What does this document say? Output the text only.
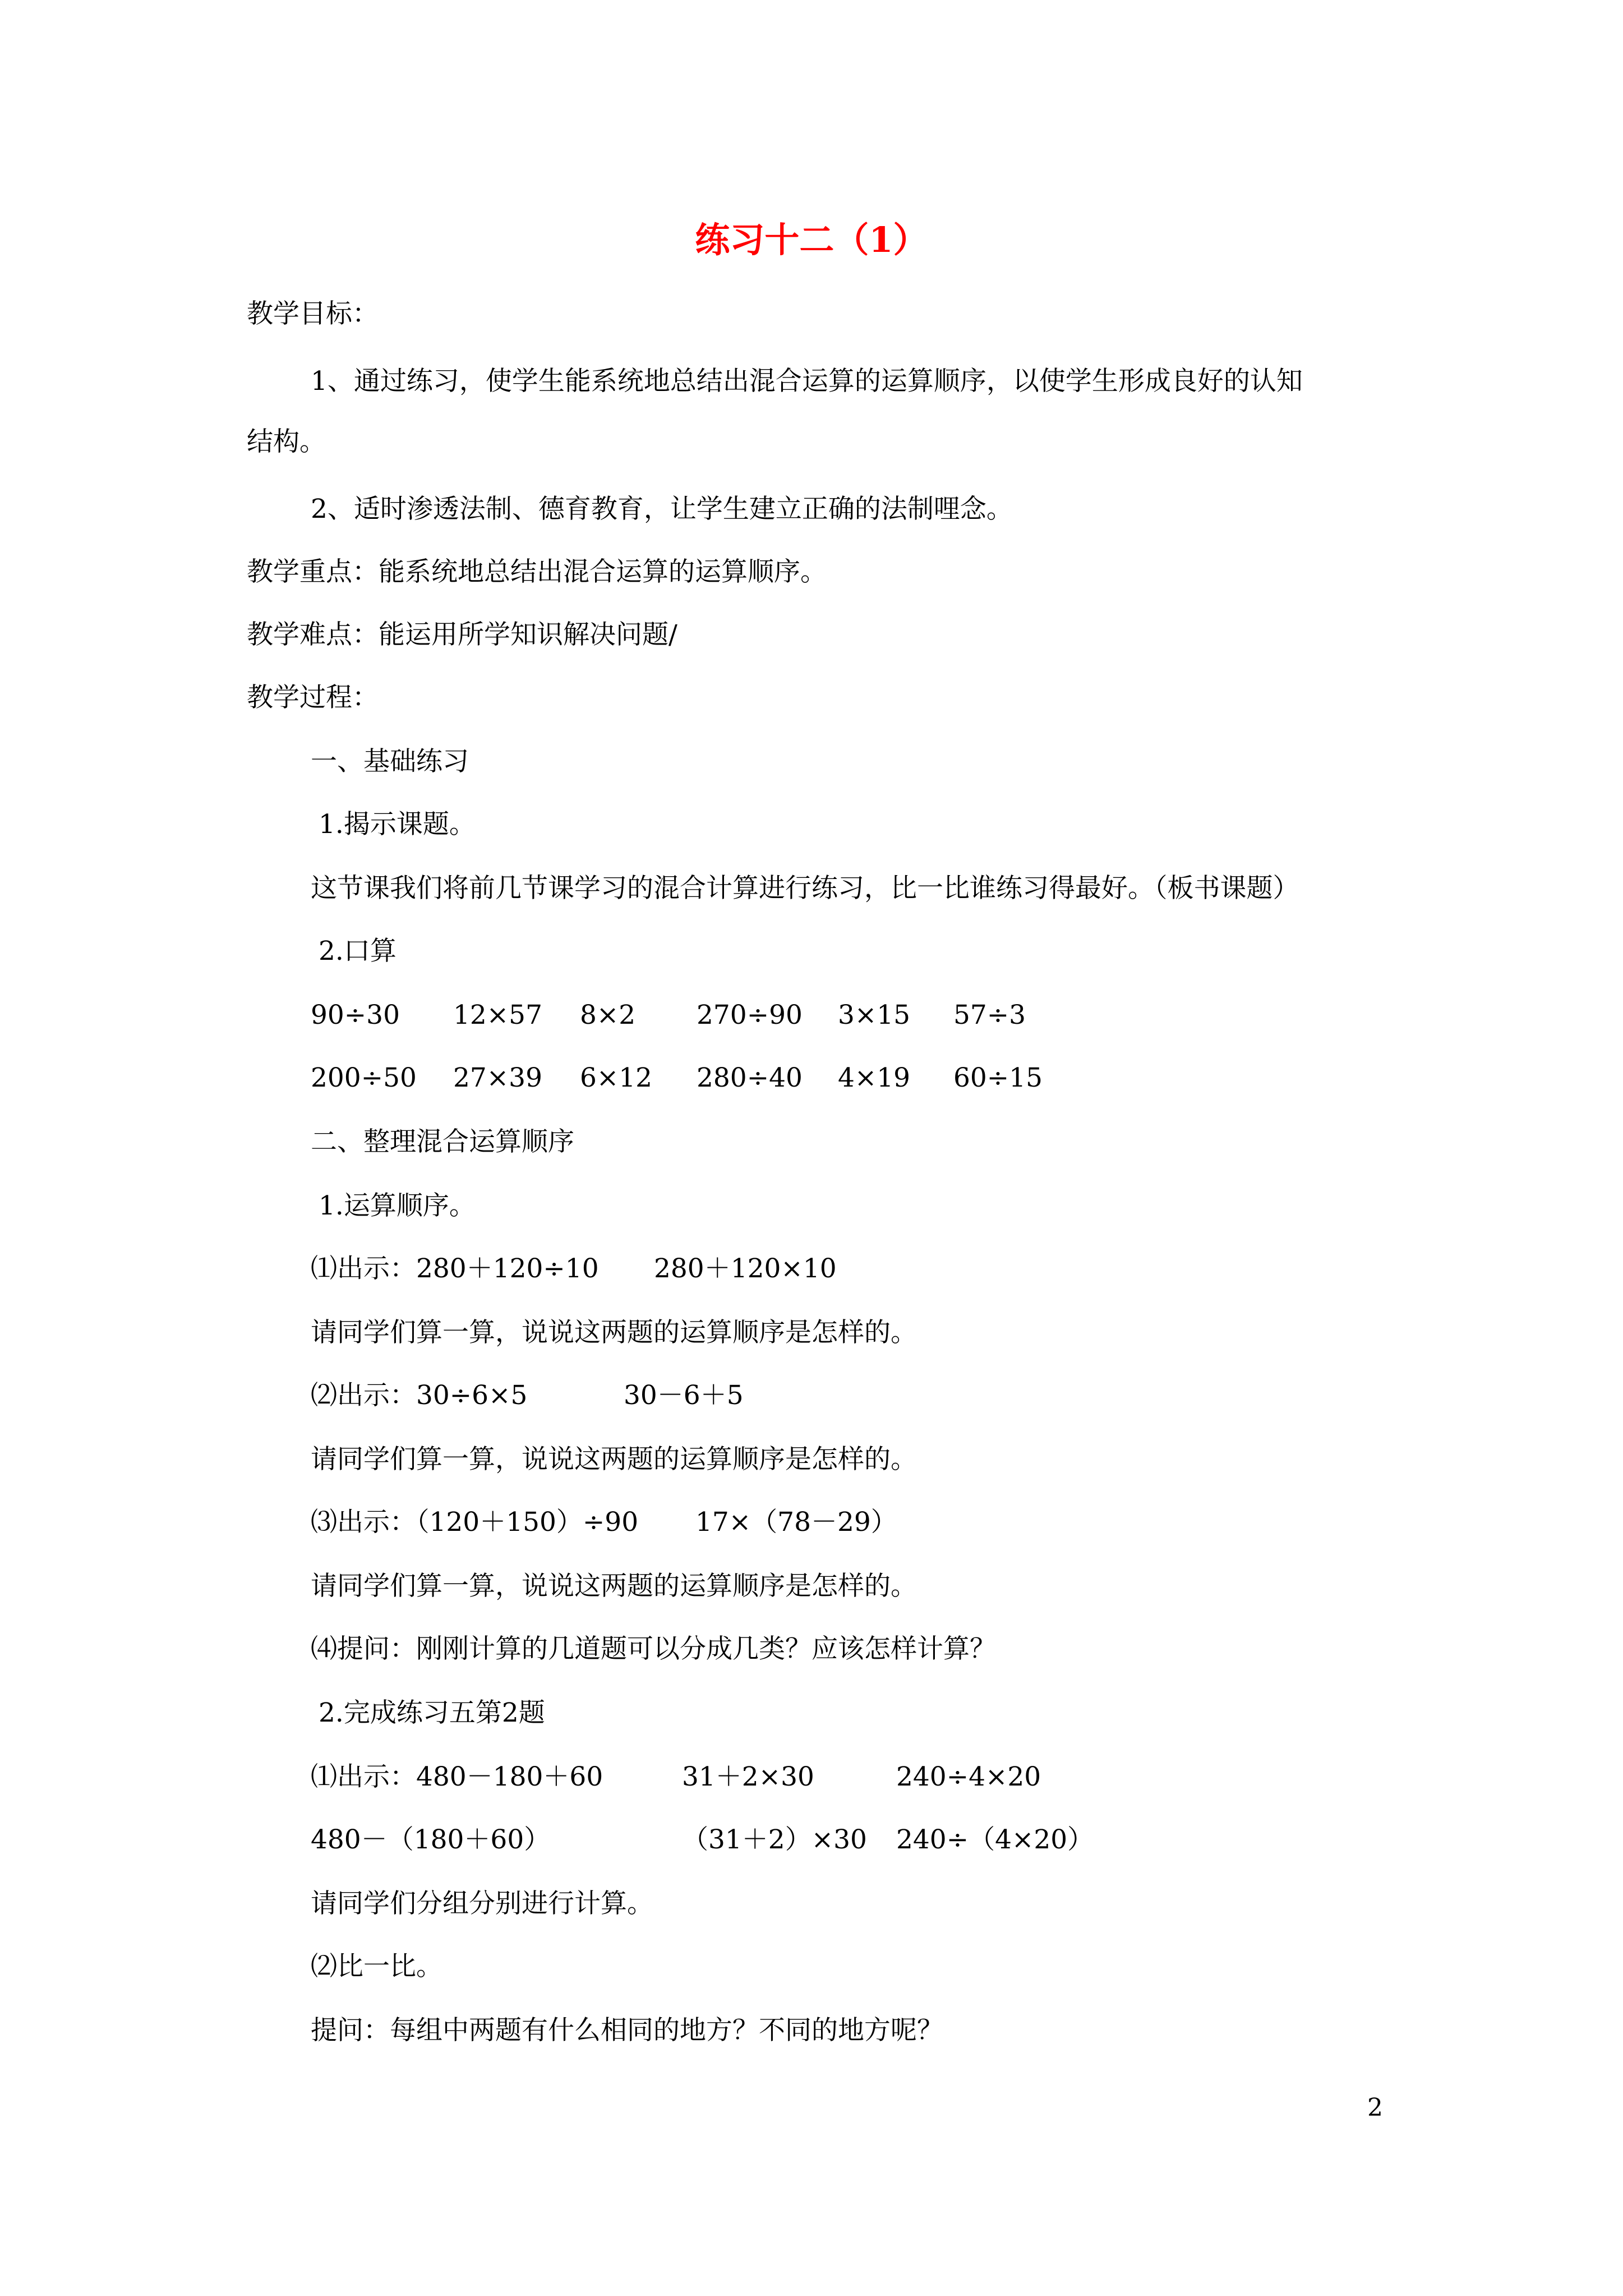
练习十二（1）
教学目标：
1、通过练习，使学生能系统地总结出混合运算的运算顺序，以使学生形成良好的认知
结构。
2、适时渗透法制、德育教育，让学生建立正确的法制哩念。
教学重点：能系统地总结出混合运算的运算顺序。
教学难点：能运用所学知识解决问题/
教学过程：
一、基础练习
1.揭示课题。
这节课我们将前几节课学习的混合计算进行练习，比一比谁练习得最好。（板书课题）
2.口算
90÷30 12×57 8×2 270÷90 3×15 57÷3
200÷50 27×39 6×12 280÷40 4×19 60÷15
二、整理混合运算顺序
1.运算顺序。
⑴出示：280＋120÷10 280＋120×10
请同学们算一算，说说这两题的运算顺序是怎样的。
⑵出示：30÷6×5	30－6＋5
请同学们算一算，说说这两题的运算顺序是怎样的。
⑶出示：（120＋150）÷90 17×（78－29）
请同学们算一算，说说这两题的运算顺序是怎样的。
⑷提问：刚刚计算的几道题可以分成几类？应该怎样计算？
2.完成练习五第2题
⑴出示：480－180＋60	31＋2×30	240÷4×20
480－（180＋60）	（31＋2）×30 240÷（4×20）
请同学们分组分别进行计算。
⑵比一比。
提问：每组中两题有什么相同的地方？不同的地方呢？
2
